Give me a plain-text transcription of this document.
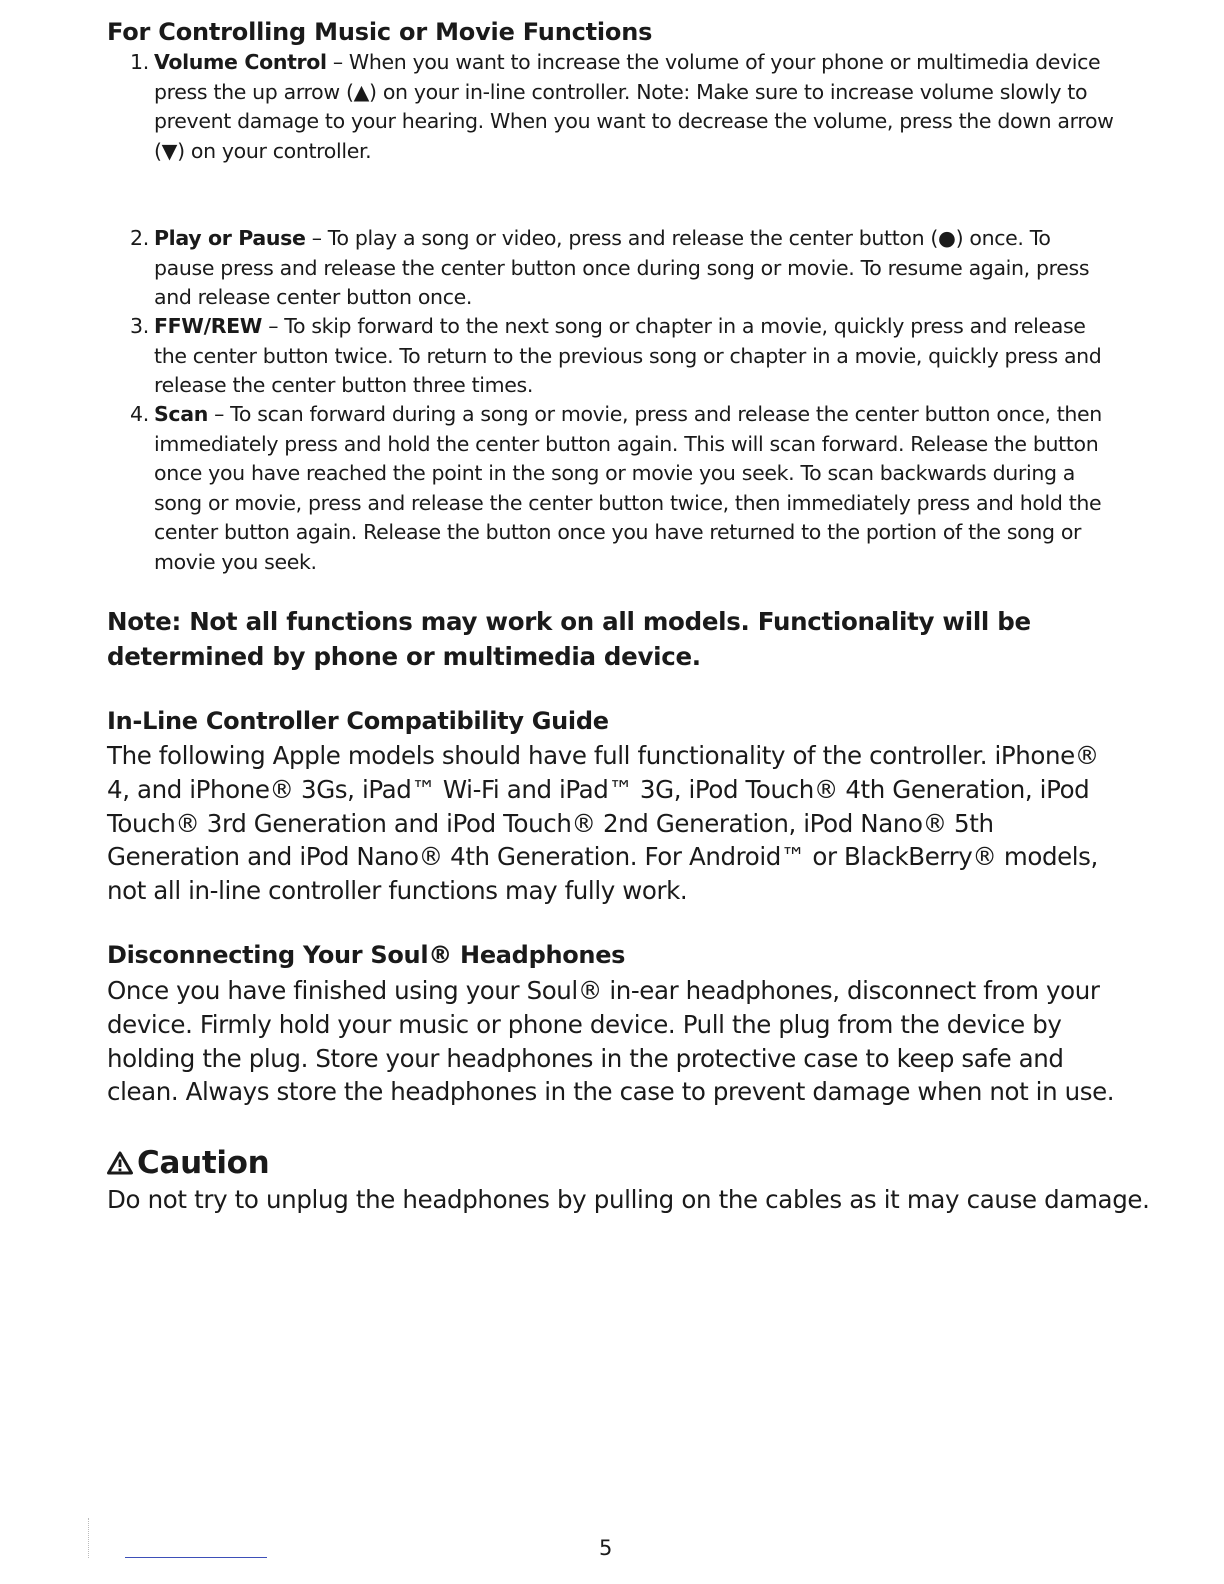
For Controlling Music or Movie Functions
1. Volume Control – When you want to increase the volume of your phone or multimedia device press the up arrow (▲) on your in-line controller. Note: Make sure to increase volume slowly to prevent damage to your hearing. When you want to decrease the volume, press the down arrow (▼) on your controller.
2. Play or Pause – To play a song or video, press and release the center button (●) once. To pause press and release the center button once during song or movie. To resume again, press and release center button once.
3. FFW/REW – To skip forward to the next song or chapter in a movie, quickly press and release the center button twice. To return to the previous song or chapter in a movie, quickly press and release the center button three times.
4. Scan – To scan forward during a song or movie, press and release the center button once, then immediately press and hold the center button again. This will scan forward. Release the button once you have reached the point in the song or movie you seek. To scan backwards during a song or movie, press and release the center button twice, then immediately press and hold the center button again. Release the button once you have returned to the portion of the song or movie you seek.
Note: Not all functions may work on all models. Functionality will be determined by phone or multimedia device.
In-Line Controller Compatibility Guide
The following Apple models should have full functionality of the controller. iPhone® 4, and iPhone® 3Gs, iPad™ Wi-Fi and iPad™ 3G, iPod Touch® 4th Generation, iPod Touch® 3rd Generation and iPod Touch® 2nd Generation, iPod Nano® 5th Generation and iPod Nano® 4th Generation. For Android™ or BlackBerry® models, not all in-line controller functions may fully work.
Disconnecting Your Soul® Headphones
Once you have finished using your Soul® in-ear headphones, disconnect from your device. Firmly hold your music or phone device. Pull the plug from the device by holding the plug. Store your headphones in the protective case to keep safe and clean. Always store the headphones in the case to prevent damage when not in use.
Caution
Do not try to unplug the headphones by pulling on the cables as it may cause damage.
5
